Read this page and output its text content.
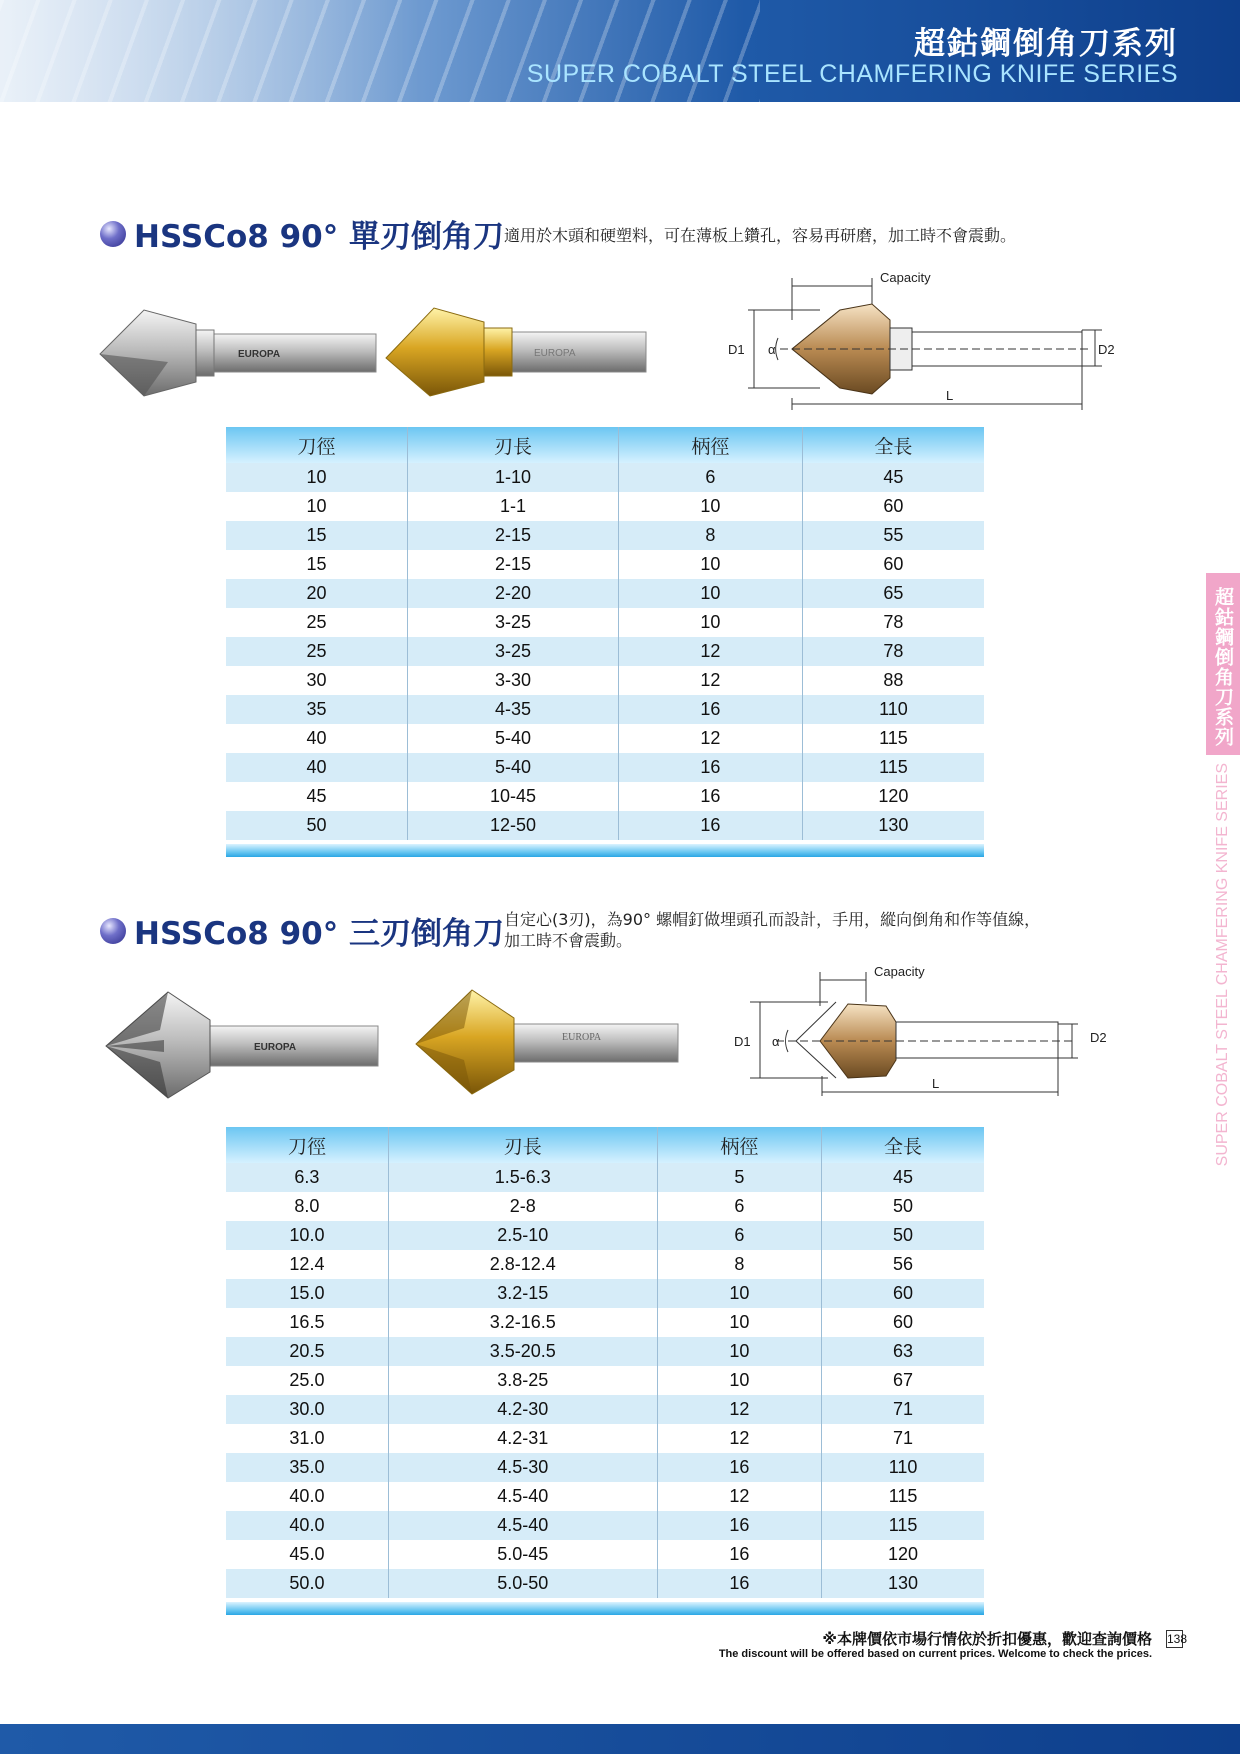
超鈷鋼倒角刀系列
SUPER COBALT STEEL CHAMFERING KNIFE SERIES
HSSCo8 90° 單刃倒角刀 適用於木頭和硬塑料，可在薄板上鑽孔，容易再研磨，加工時不會震動。
EUROPA	EUROPA
Capacity
D1 α	D2
L
刀徑	刃長	柄徑	全長
10	1-10	6	45
10	1-1	10	60
15	2-15	8	55
15	2-15	10	60
20	2-20	10	65
25	3-25	10	78
25	3-25	12	78
30	3-30	12	88
35	4-35	16	110
40	5-40	12	115
40	5-40	16	115
45	10-45	16	120
50	12-50	16	130
HSSCo8 90° 三刃倒角刀 自定心(3刃)，為90° 螺帽釘做埋頭孔而設計，手用，縱向倒角和作等值線，
加工時不會震動。
EUROPA
EUROPA
Capacity
D1 α	D2
L
刀徑	刃長	柄徑	全長
6.3	1.5-6.3	5	45
8.0	2-8	6	50
10.0	2.5-10	6	50
12.4	2.8-12.4	8	56
15.0	3.2-15	10	60
16.5	3.2-16.5	10	60
20.5	3.5-20.5	10	63
25.0	3.8-25	10	67
30.0	4.2-30	12	71
31.0	4.2-31	12	71
35.0	4.5-30	16	110
40.0	4.5-40	12	115
40.0	4.5-40	16	115
45.0	5.0-45	16	120
50.0	5.0-50	16	130
超鈷鋼倒角刀系列
SUPER COBALT STEEL CHAMFERING KNIFE SERIES
※本牌價依市場行情依於折扣優惠，歡迎查詢價格
The discount will be offered based on current prices. Welcome to check the prices.
138
